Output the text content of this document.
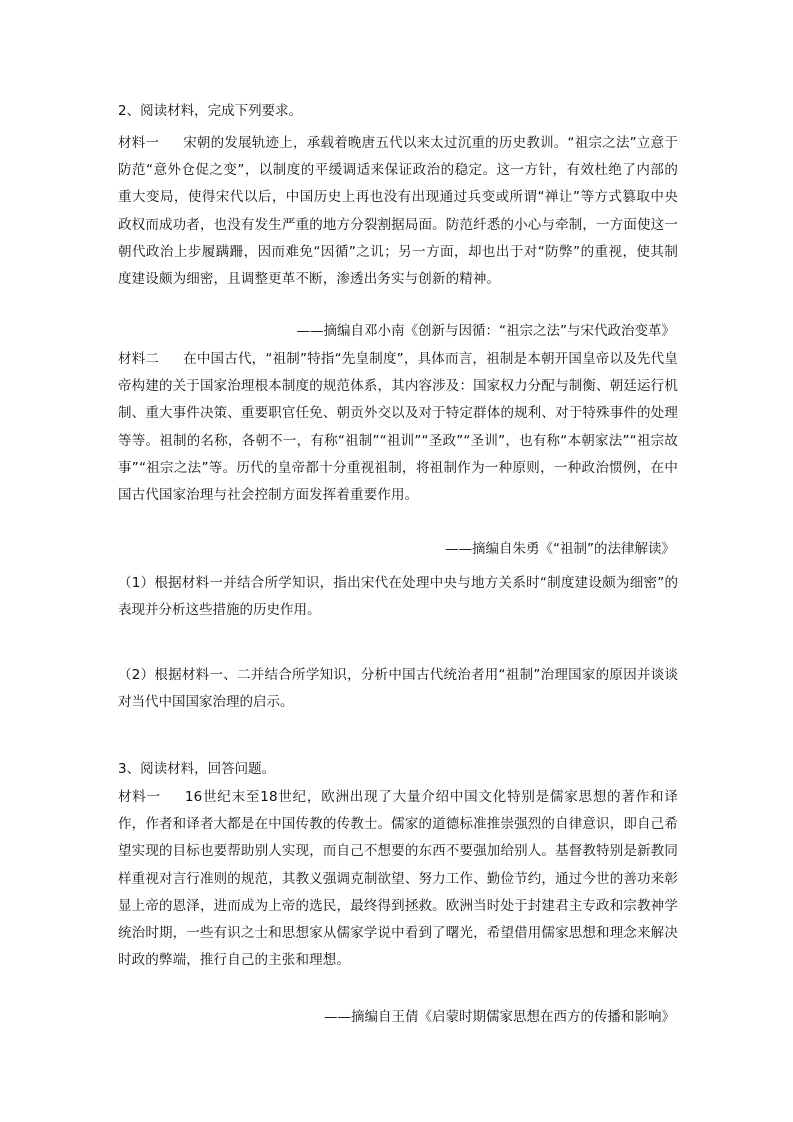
2、阅读材料，完成下列要求。
材料一 宋朝的发展轨迹上，承载着晚唐五代以来太过沉重的历史教训。“祖宗之法”立意于防范“意外仓促之变”，以制度的平缓调适来保证政治的稳定。这一方针，有效杜绝了内部的重大变局，使得宋代以后，中国历史上再也没有出现通过兵变或所谓“禅让”等方式篡取中央政权而成功者，也没有发生严重的地方分裂割据局面。防范纤悉的小心与牵制，一方面使这一朝代政治上步履蹒跚，因而难免“因循”之讥；另一方面，却也出于对“防弊”的重视，使其制度建设颇为细密，且调整更革不断，渗透出务实与创新的精神。
——摘编自邓小南《创新与因循：“祖宗之法”与宋代政治变革》
材料二 在中国古代，“祖制”特指“先皇制度”，具体而言，祖制是本朝开国皇帝以及先代皇帝构建的关于国家治理根本制度的规范体系，其内容涉及：国家权力分配与制衡、朝廷运行机制、重大事件决策、重要职官任免、朝贡外交以及对于特定群体的规利、对于特殊事件的处理等等。祖制的名称，各朝不一，有称“祖制”“祖训”“圣政”“圣训”，也有称“本朝家法”“祖宗故事”“祖宗之法”等。历代的皇帝都十分重视祖制，将祖制作为一种原则，一种政治惯例，在中国古代国家治理与社会控制方面发挥着重要作用。
——摘编自朱勇《“祖制”的法律解读》
（1）根据材料一并结合所学知识，指出宋代在处理中央与地方关系时“制度建设颇为细密”的表现并分析这些措施的历史作用。
（2）根据材料一、二并结合所学知识，分析中国古代统治者用“祖制”治理国家的原因并谈谈对当代中国国家治理的启示。
3、阅读材料，回答问题。
材料一 16世纪末至18世纪，欧洲出现了大量介绍中国文化特别是儒家思想的著作和译作，作者和译者大都是在中国传教的传教士。儒家的道德标准推崇强烈的自律意识，即自己希望实现的目标也要帮助别人实现，而自己不想要的东西不要强加给别人。基督教特别是新教同样重视对言行准则的规范，其教义强调克制欲望、努力工作、勤俭节约，通过今世的善功来彰显上帝的恩泽，进而成为上帝的选民，最终得到拯救。欧洲当时处于封建君主专政和宗教神学统治时期，一些有识之士和思想家从儒家学说中看到了曙光，希望借用儒家思想和理念来解决时政的弊端，推行自己的主张和理想。
——摘编自王倩《启蒙时期儒家思想在西方的传播和影响》
